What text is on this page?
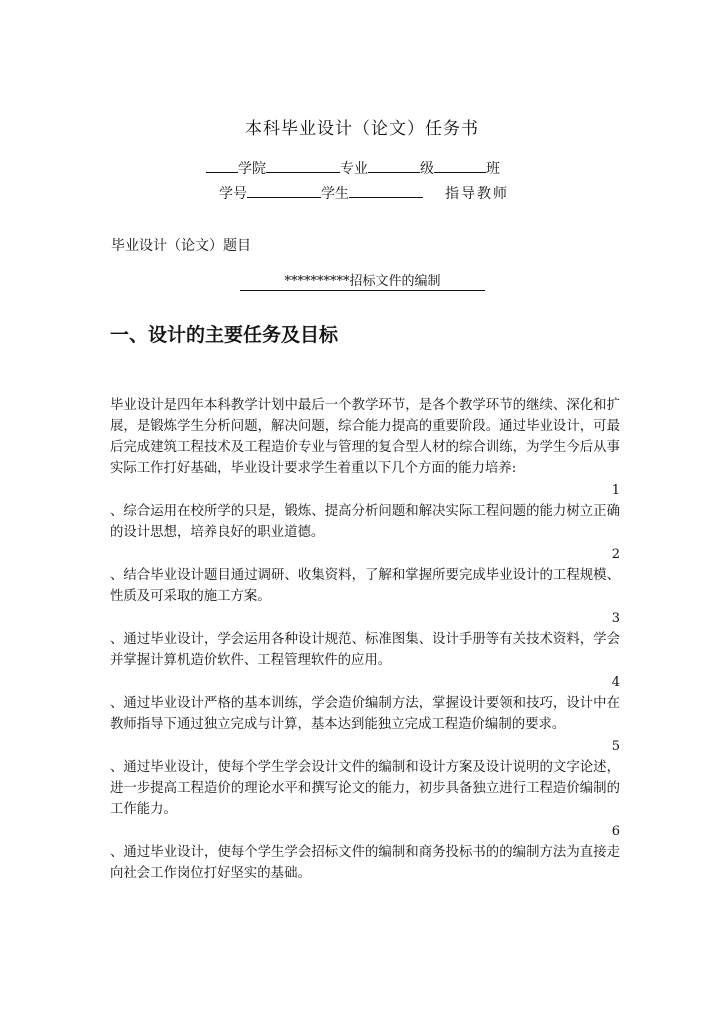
本科毕业设计（论文）任务书
学院	专业	级	班
学号	学生	指导教师
毕业设计（论文）题目
**********招标文件的编制
一、设计的主要任务及目标

毕业设计是四年本科教学计划中最后一个教学环节，是各个教学环节的继续、深化和扩展，是锻炼学生分析问题，解决问题，综合能力提高的重要阶段。通过毕业设计，可最后完成建筑工程技术及工程造价专业与管理的复合型人材的综合训练，为学生今后从事实际工作打好基础，毕业设计要求学生着重以下几个方面的能力培养:

1

、综合运用在校所学的只是，锻炼、提高分析问题和解决实际工程问题的能力树立正确的设计思想，培养良好的职业道德。

2

、结合毕业设计题目通过调研、收集资料，了解和掌握所要完成毕业设计的工程规模、性质及可采取的施工方案。

3

、通过毕业设计，学会运用各种设计规范、标准图集、设计手册等有关技术资料，学会并掌握计算机造价软件、工程管理软件的应用。

4

、通过毕业设计严格的基本训练，学会造价编制方法，掌握设计要领和技巧，设计中在教师指导下通过独立完成与计算，基本达到能独立完成工程造价编制的要求。

5

、通过毕业设计，使每个学生学会设计文件的编制和设计方案及设计说明的文字论述，进一步提高工程造价的理论水平和撰写论文的能力，初步具备独立进行工程造价编制的工作能力。

6

、通过毕业设计，使每个学生学会招标文件的编制和商务投标书的的编制方法为直接走向社会工作岗位打好坚实的基础。
